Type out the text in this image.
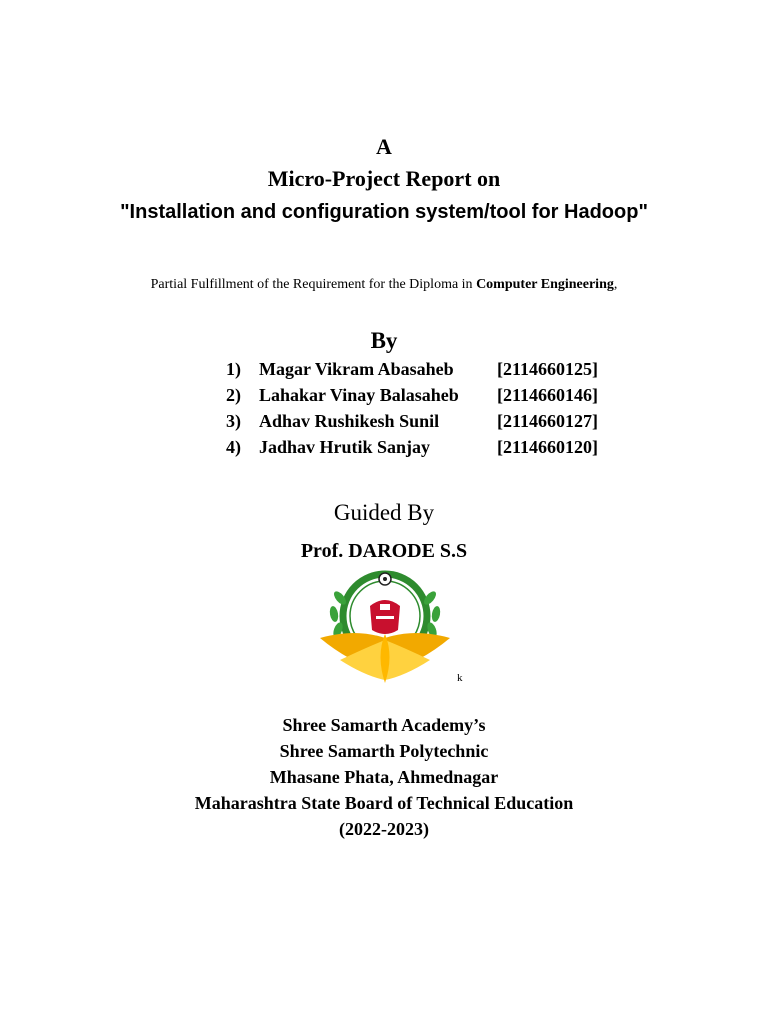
A
Micro-Project Report on
"Installation and configuration system/tool for Hadoop"
Partial Fulfillment of the Requirement for the Diploma in Computer Engineering,
By
1) Magar Vikram Abasaheb [2114660125]
2) Lahakar Vinay Balasaheb [2114660146]
3) Adhav Rushikesh Sunil	[2114660127]
4) Jadhav Hrutik Sanjay	[2114660120]
Guided By
Prof. DARODE S.S
k
Shree Samarth Academy’s
Shree Samarth Polytechnic
Mhasane Phata, Ahmednagar
Maharashtra State Board of Technical Education
(2022-2023)
